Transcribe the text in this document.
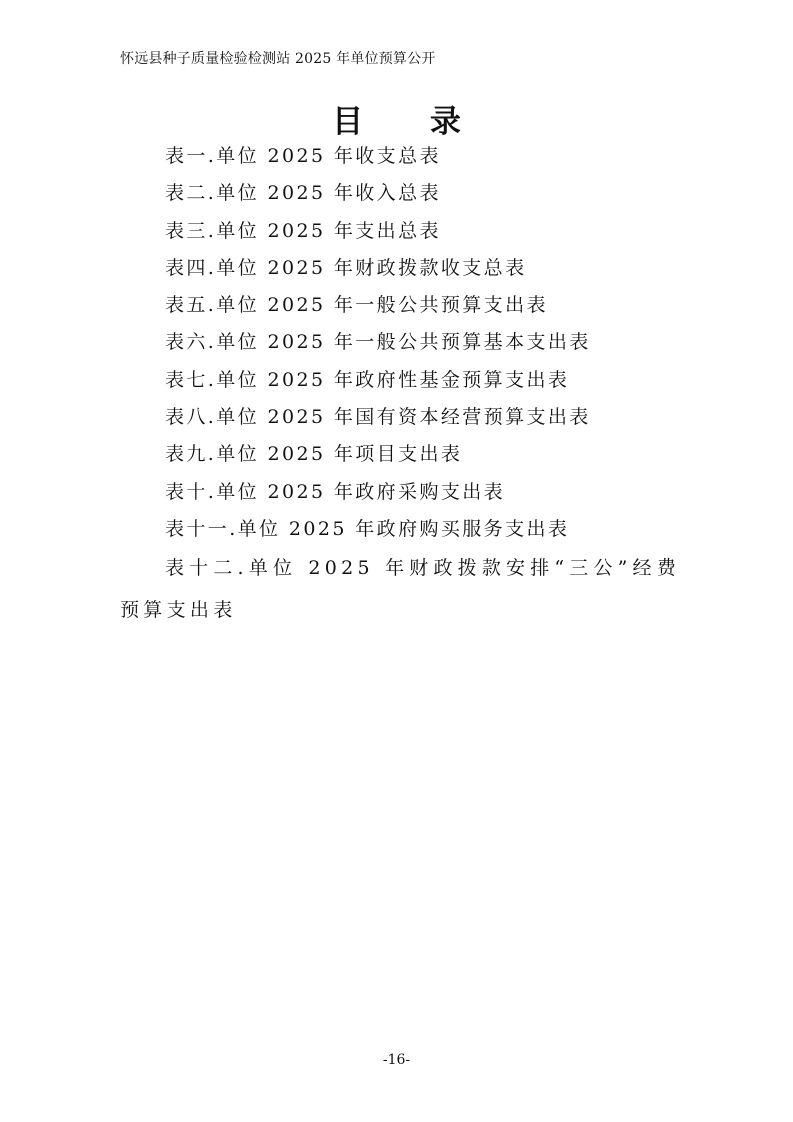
怀远县种子质量检验检测站 2025 年单位预算公开
目 录
表一.单位 2025 年收支总表
表二.单位 2025 年收入总表
表三.单位 2025 年支出总表
表四.单位 2025 年财政拨款收支总表
表五.单位 2025 年一般公共预算支出表
表六.单位 2025 年一般公共预算基本支出表
表七.单位 2025 年政府性基金预算支出表
表八.单位 2025 年国有资本经营预算支出表
表九.单位 2025 年项目支出表
表十.单位 2025 年政府采购支出表
表十一.单位 2025 年政府购买服务支出表
表十二.单位 2025 年财政拨款安排“三公”经费预算支出表
-16-
